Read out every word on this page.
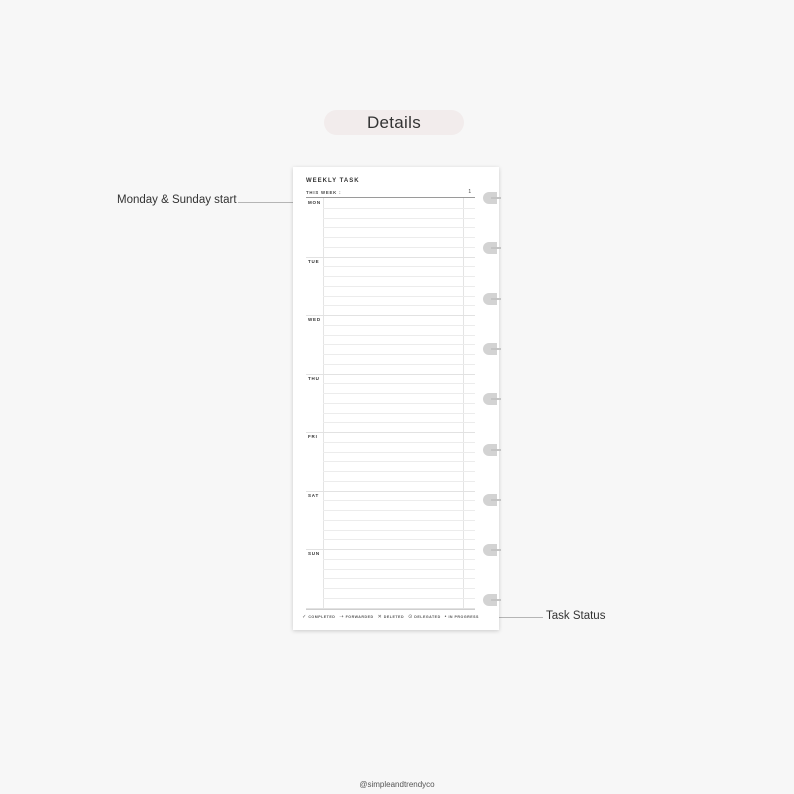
Details
Monday & Sunday start
Task Status
WEEKLY TASK
THIS WEEK :	1
MON
TUE
WED
THU
FRI
SAT
SUN
✓ COMPLETED ⇢ FORWARDED ✕ DELETED ⊙ DELEGATED • IN PROGRESS
@simpleandtrendyco
